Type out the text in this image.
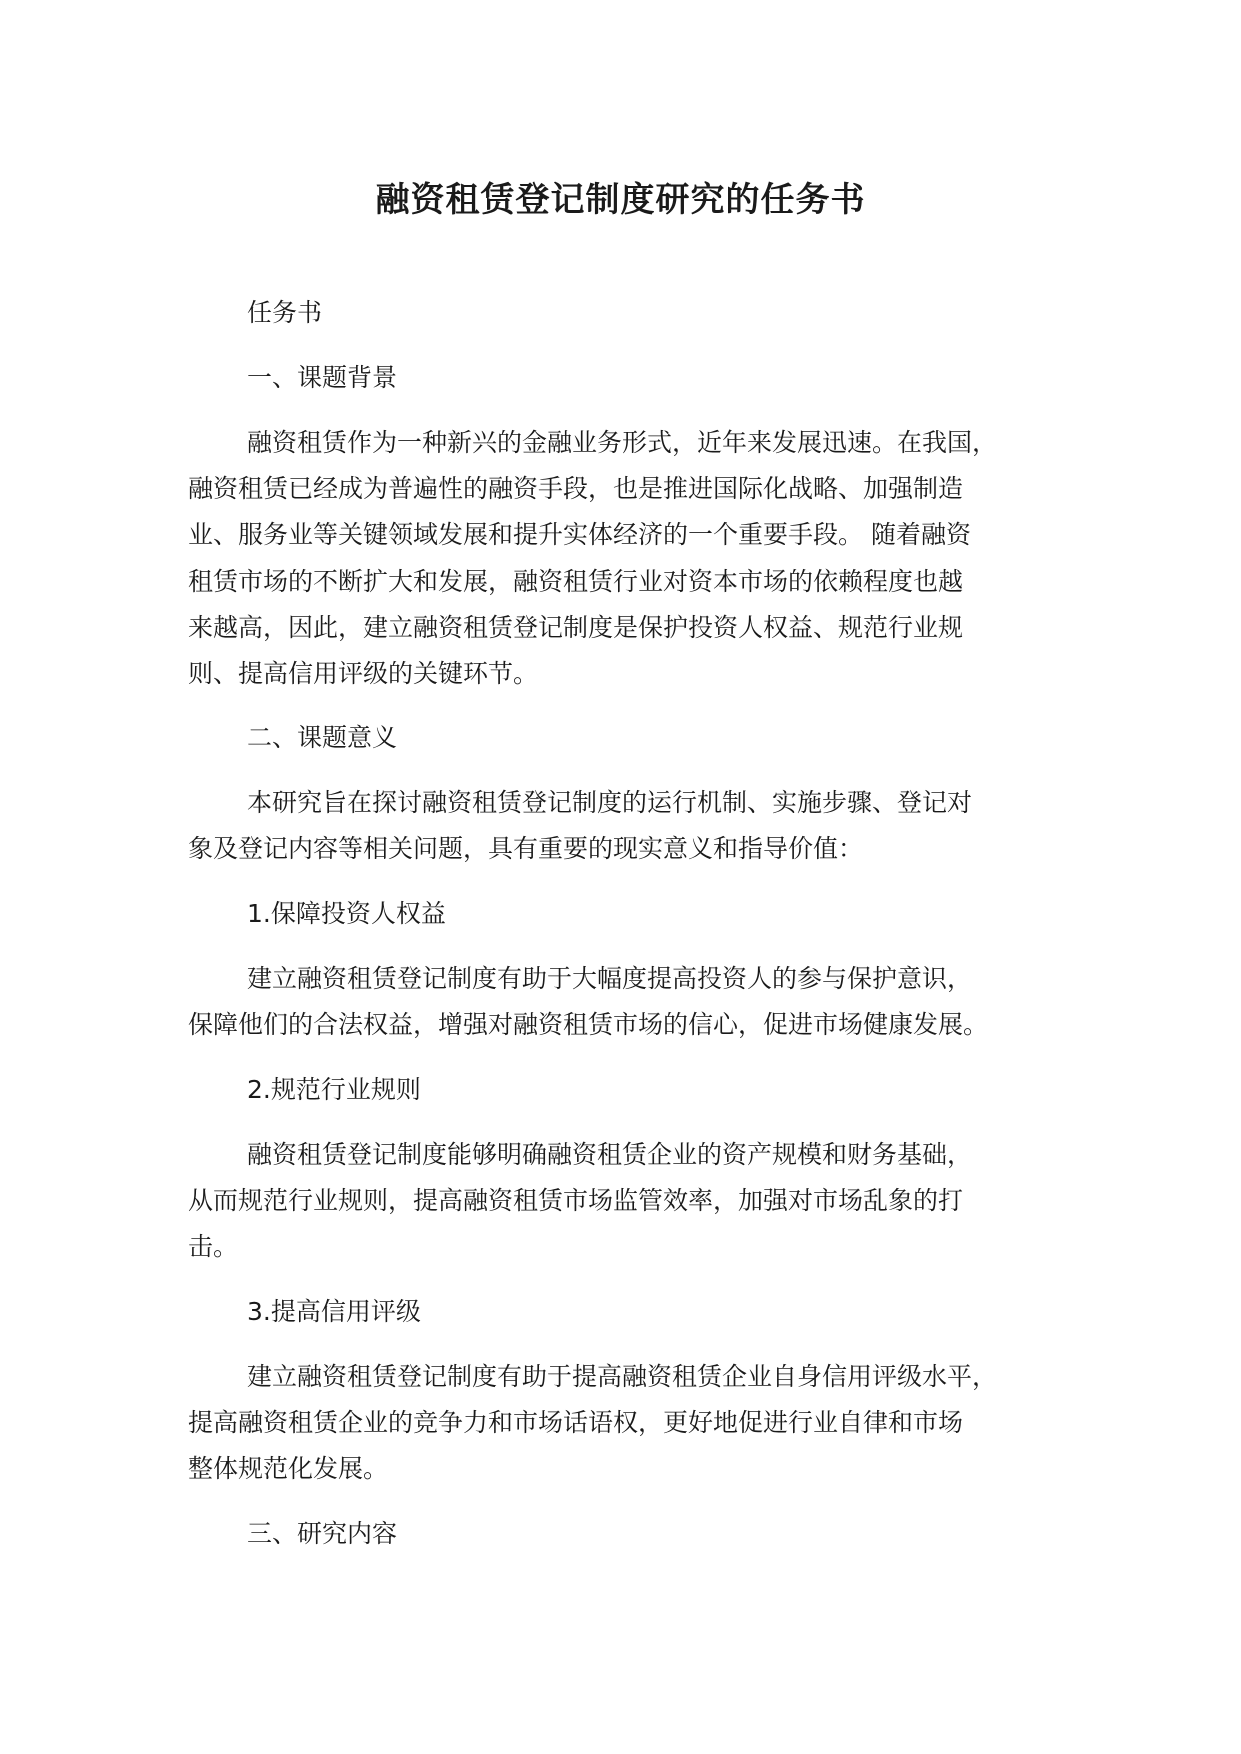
融资租赁登记制度研究的任务书

任务书

一、课题背景

融资租赁作为一种新兴的金融业务形式，近年来发展迅速。在我国，

融资租赁已经成为普遍性的融资手段，也是推进国际化战略、加强制造

业、服务业等关键领域发展和提升实体经济的一个重要手段。 随着融资

租赁市场的不断扩大和发展，融资租赁行业对资本市场的依赖程度也越

来越高，因此，建立融资租赁登记制度是保护投资人权益、规范行业规

则、提高信用评级的关键环节。

二、课题意义

本研究旨在探讨融资租赁登记制度的运行机制、实施步骤、登记对

象及登记内容等相关问题，具有重要的现实意义和指导价值：

1.保障投资人权益

建立融资租赁登记制度有助于大幅度提高投资人的参与保护意识，

保障他们的合法权益，增强对融资租赁市场的信心，促进市场健康发展。

2.规范行业规则

融资租赁登记制度能够明确融资租赁企业的资产规模和财务基础，

从而规范行业规则，提高融资租赁市场监管效率，加强对市场乱象的打

击。

3.提高信用评级

建立融资租赁登记制度有助于提高融资租赁企业自身信用评级水平，

提高融资租赁企业的竞争力和市场话语权，更好地促进行业自律和市场

整体规范化发展。

三、研究内容
